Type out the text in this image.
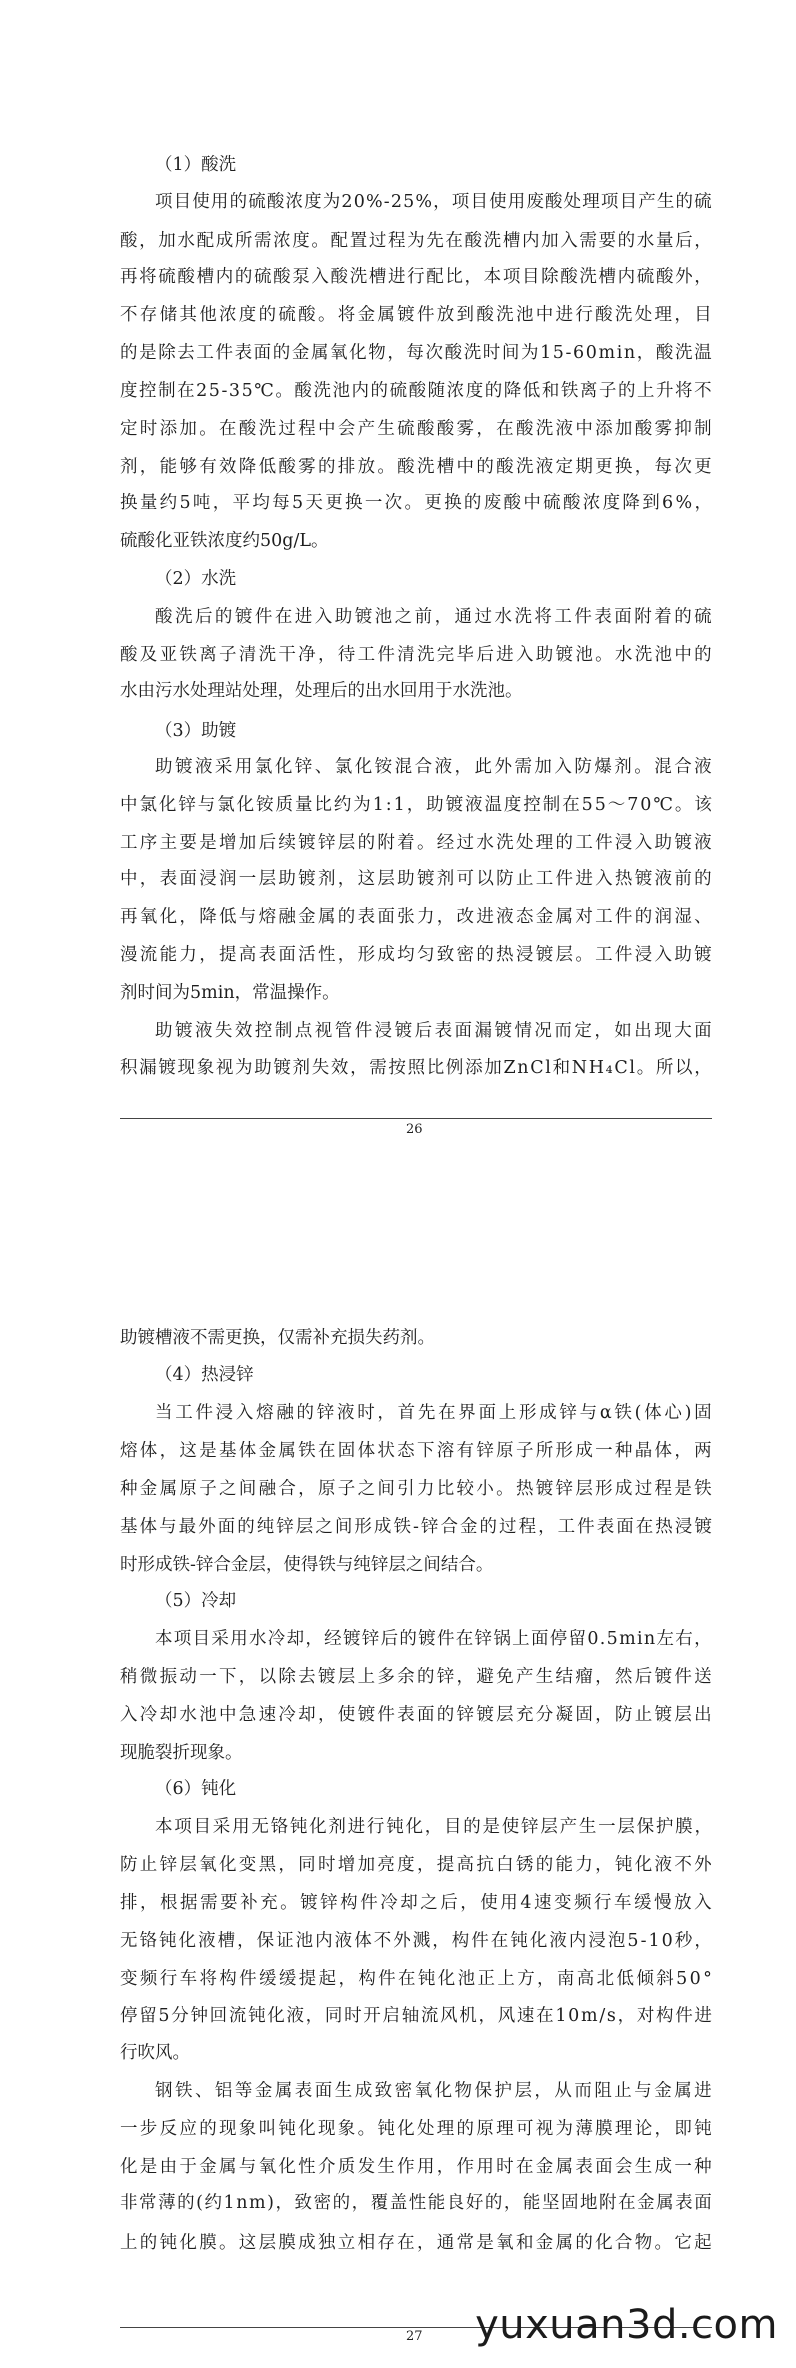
（1）酸洗
项 目 使 用 的 硫 酸 浓 度 为 2 0 % - 2 5 % ， 项 目 使 用 废 酸 处 理 项 目 产 生 的 硫
酸 ， 加 水 配 成 所 需 浓 度 。 配 置 过 程 为 先 在 酸 洗 槽 内 加 入 需 要 的 水 量 后 ，
再 将 硫 酸 槽 内 的 硫 酸 泵 入 酸 洗 槽 进 行 配 比 ， 本 项 目 除 酸 洗 槽 内 硫 酸 外 ，
不 存 储 其 他 浓 度 的 硫 酸 。 将 金 属 镀 件 放 到 酸 洗 池 中 进 行 酸 洗 处 理 ， 目
的 是 除 去 工 件 表 面 的 金 属 氧 化 物 ， 每 次 酸 洗 时 间 为 1 5 - 6 0 m i n ， 酸 洗 温
度 控 制 在 2 5 - 3 5 ℃ 。 酸 洗 池 内 的 硫 酸 随 浓 度 的 降 低 和 铁 离 子 的 上 升 将 不
定 时 添 加 。 在 酸 洗 过 程 中 会 产 生 硫 酸 酸 雾 ， 在 酸 洗 液 中 添 加 酸 雾 抑 制
剂 ， 能 够 有 效 降 低 酸 雾 的 排 放 。 酸 洗 槽 中 的 酸 洗 液 定 期 更 换 ， 每 次 更
换 量 约 5 吨 ， 平 均 每 5 天 更 换 一 次 。 更 换 的 废 酸 中 硫 酸 浓 度 降 到 6 % ，
硫酸化亚铁浓度约50g/L。
（2）水洗
酸 洗 后 的 镀 件 在 进 入 助 镀 池 之 前 ， 通 过 水 洗 将 工 件 表 面 附 着 的 硫
酸 及 亚 铁 离 子 清 洗 干 净 ， 待 工 件 清 洗 完 毕 后 进 入 助 镀 池 。 水 洗 池 中 的
水由污水处理站处理，处理后的出水回用于水洗池。
（3）助镀
助 镀 液 采 用 氯 化 锌 、 氯 化 铵 混 合 液 ， 此 外 需 加 入 防 爆 剂 。 混 合 液
中 氯 化 锌 与 氯 化 铵 质 量 比 约 为 1 : 1 ， 助 镀 液 温 度 控 制 在 5 5 ～ 7 0 ℃ 。 该
工 序 主 要 是 增 加 后 续 镀 锌 层 的 附 着 。 经 过 水 洗 处 理 的 工 件 浸 入 助 镀 液
中 ， 表 面 浸 润 一 层 助 镀 剂 ， 这 层 助 镀 剂 可 以 防 止 工 件 进 入 热 镀 液 前 的
再 氧 化 ， 降 低 与 熔 融 金 属 的 表 面 张 力 ， 改 进 液 态 金 属 对 工 件 的 润 湿 、
漫 流 能 力 ， 提 高 表 面 活 性 ， 形 成 均 匀 致 密 的 热 浸 镀 层 。 工 件 浸 入 助 镀
剂时间为5min，常温操作。
助 镀 液 失 效 控 制 点 视 管 件 浸 镀 后 表 面 漏 镀 情 况 而 定 ， 如 出 现 大 面
积 漏 镀 现 象 视 为 助 镀 剂 失 效 ， 需 按 照 比 例 添 加 Z n C l 和 N H ₄ C l 。 所 以 ，
26
助镀槽液不需更换，仅需补充损失药剂。
（4）热浸锌
当 工 件 浸 入 熔 融 的 锌 液 时 ， 首 先 在 界 面 上 形 成 锌 与 α 铁 ( 体 心 ) 固
熔 体 ， 这 是 基 体 金 属 铁 在 固 体 状 态 下 溶 有 锌 原 子 所 形 成 一 种 晶 体 ， 两
种 金 属 原 子 之 间 融 合 ， 原 子 之 间 引 力 比 较 小 。 热 镀 锌 层 形 成 过 程 是 铁
基 体 与 最 外 面 的 纯 锌 层 之 间 形 成 铁 - 锌 合 金 的 过 程 ， 工 件 表 面 在 热 浸 镀
时形成铁-锌合金层，使得铁与纯锌层之间结合。
（5）冷却
本 项 目 采 用 水 冷 却 ， 经 镀 锌 后 的 镀 件 在 锌 锅 上 面 停 留 0 . 5 m i n 左 右 ，
稍 微 振 动 一 下 ， 以 除 去 镀 层 上 多 余 的 锌 ， 避 免 产 生 结 瘤 ， 然 后 镀 件 送
入 冷 却 水 池 中 急 速 冷 却 ， 使 镀 件 表 面 的 锌 镀 层 充 分 凝 固 ， 防 止 镀 层 出
现脆裂折现象。
（6）钝化
本 项 目 采 用 无 铬 钝 化 剂 进 行 钝 化 ， 目 的 是 使 锌 层 产 生 一 层 保 护 膜 ，
防 止 锌 层 氧 化 变 黑 ， 同 时 增 加 亮 度 ， 提 高 抗 白 锈 的 能 力 ， 钝 化 液 不 外
排 ， 根 据 需 要 补 充 。 镀 锌 构 件 冷 却 之 后 ， 使 用 4 速 变 频 行 车 缓 慢 放 入
无 铬 钝 化 液 槽 ， 保 证 池 内 液 体 不 外 溅 ， 构 件 在 钝 化 液 内 浸 泡 5 - 1 0 秒 ，
变 频 行 车 将 构 件 缓 缓 提 起 ， 构 件 在 钝 化 池 正 上 方 ， 南 高 北 低 倾 斜 5 0 °
停 留 5 分 钟 回 流 钝 化 液 ， 同 时 开 启 轴 流 风 机 ， 风 速 在 1 0 m / s ， 对 构 件 进
行吹风。
钢 铁 、 铝 等 金 属 表 面 生 成 致 密 氧 化 物 保 护 层 ， 从 而 阻 止 与 金 属 进
一 步 反 应 的 现 象 叫 钝 化 现 象 。 钝 化 处 理 的 原 理 可 视 为 薄 膜 理 论 ， 即 钝
化 是 由 于 金 属 与 氧 化 性 介 质 发 生 作 用 ， 作 用 时 在 金 属 表 面 会 生 成 一 种
非 常 薄 的 ( 约 1 n m ) ， 致 密 的 ， 覆 盖 性 能 良 好 的 ， 能 坚 固 地 附 在 金 属 表 面
上 的 钝 化 膜 。 这 层 膜 成 独 立 相 存 在 ， 通 常 是 氧 和 金 属 的 化 合 物 。 它 起
27 yuxuan3d.com
